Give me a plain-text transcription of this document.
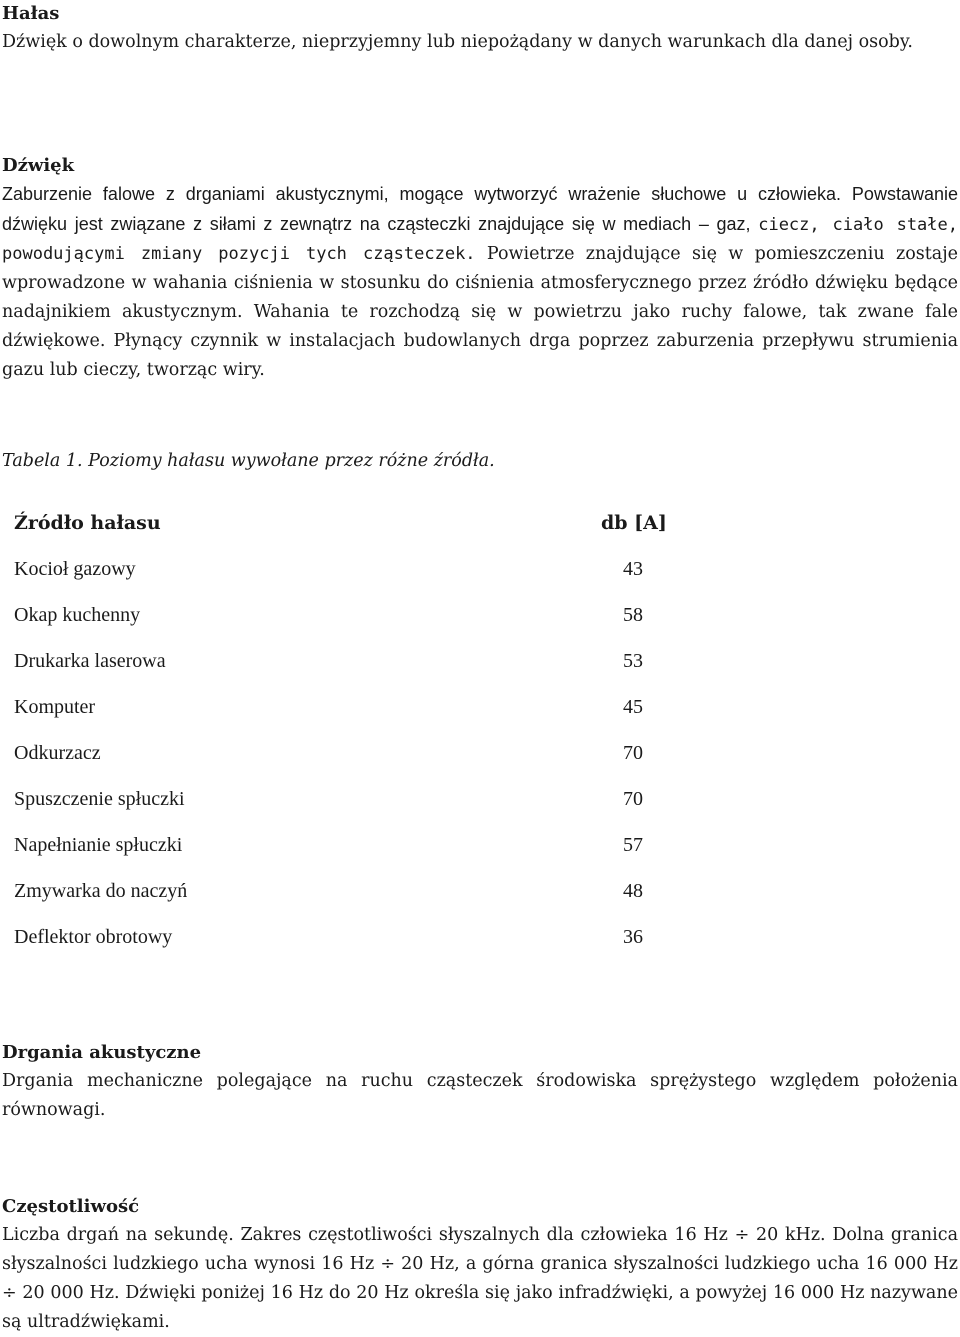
Hałas
Dźwięk o dowolnym charakterze, nieprzyjemny lub niepożądany w danych warunkach dla danej osoby.
Dźwięk
Zaburzenie falowe z drganiami akustycznymi, mogące wytworzyć wrażenie słuchowe u człowieka. Powstawanie dźwięku jest związane z siłami z zewnątrz na cząsteczki znajdujące się w mediach – gaz, ciecz, ciało stałe, powodującymi zmiany pozycji tych cząsteczek. Powietrze znajdujące się w pomieszczeniu zostaje wprowadzone w wahania ciśnienia w stosunku do ciśnienia atmosferycznego przez źródło dźwięku będące nadajnikiem akustycznym. Wahania te rozchodzą się w powietrzu jako ruchy falowe, tak zwane fale dźwiękowe. Płynący czynnik w instalacjach budowlanych drga poprzez zaburzenia przepływu strumienia gazu lub cieczy, tworząc wiry.
Tabela 1. Poziomy hałasu wywołane przez różne źródła.
Źródło hałasu	db [A]
Kocioł gazowy	43
Okap kuchenny	58
Drukarka laserowa	53
Komputer	45
Odkurzacz	70
Spuszczenie spłuczki	70
Napełnianie spłuczki	57
Zmywarka do naczyń	48
Deflektor obrotowy	36
Drgania akustyczne
Drgania mechaniczne polegające na ruchu cząsteczek środowiska sprężystego względem położenia równowagi.
Częstotliwość
Liczba drgań na sekundę. Zakres częstotliwości słyszalnych dla człowieka 16 Hz ÷ 20 kHz. Dolna granica słyszalności ludzkiego ucha wynosi 16 Hz ÷ 20 Hz, a górna granica słyszalności ludzkiego ucha 16 000 Hz ÷ 20 000 Hz. Dźwięki poniżej 16 Hz do 20 Hz określa się jako infradźwięki, a powyżej 16 000 Hz nazywane są ultradźwiękami.
